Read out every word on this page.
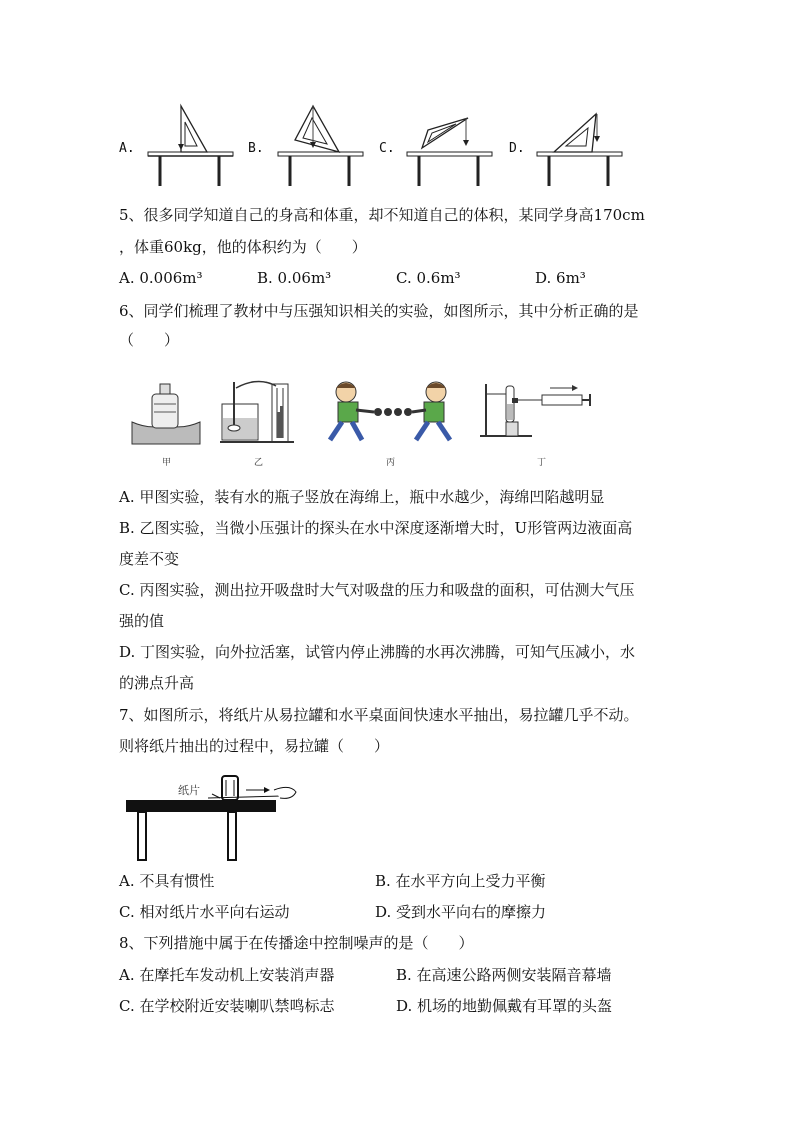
A.	B.	C.	D.
5、很多同学知道自己的身高和体重，却不知道自己的体积，某同学身高170cm
，体重60kg，他的体积约为（　　）
A. 0.006m³	B. 0.06m³	C. 0.6m³	D. 6m³
6、同学们梳理了教材中与压强知识相关的实验，如图所示，其中分析正确的是
（　　）
甲	乙	丙	丁
A. 甲图实验，装有水的瓶子竖放在海绵上，瓶中水越少，海绵凹陷越明显
B. 乙图实验，当微小压强计的探头在水中深度逐渐增大时，U形管两边液面高
度差不变
C. 丙图实验，测出拉开吸盘时大气对吸盘的压力和吸盘的面积，可估测大气压
强的值
D. 丁图实验，向外拉活塞，试管内停止沸腾的水再次沸腾，可知气压减小，水
的沸点升高
7、如图所示，将纸片从易拉罐和水平桌面间快速水平抽出，易拉罐几乎不动。
则将纸片抽出的过程中，易拉罐（　　）
纸片
A. 不具有惯性	B. 在水平方向上受力平衡
C. 相对纸片水平向右运动	D. 受到水平向右的摩擦力
8、下列措施中属于在传播途中控制噪声的是（　　）
A. 在摩托车发动机上安装消声器	B. 在高速公路两侧安装隔音幕墙
C. 在学校附近安装喇叭禁鸣标志	D. 机场的地勤佩戴有耳罩的头盔
